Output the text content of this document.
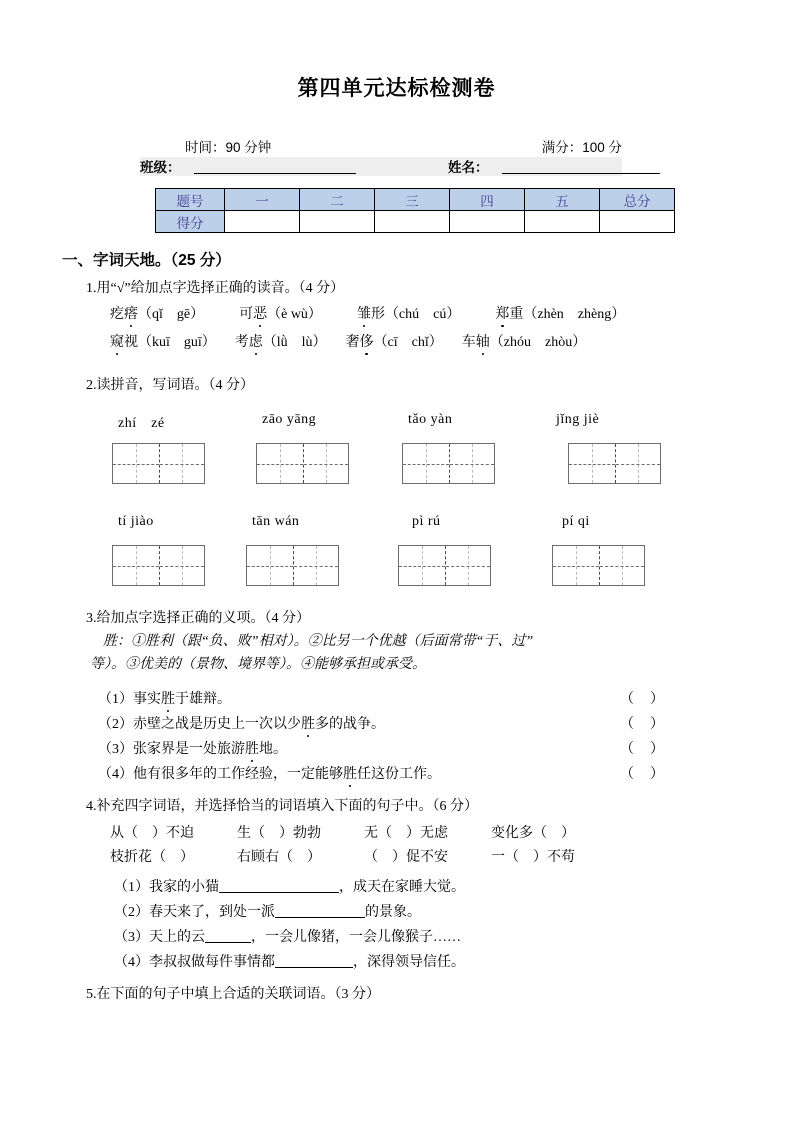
第四单元达标检测卷
时间：90 分钟	满分：100 分
班级：	姓名：
题号	一	二	三	四	五	总分
得分						
一、字词天地。（25 分）
1.用“√”给加点字选择正确的读音。（4 分）
疙瘩（qǐ　gē）	可恶（è wù）	雏形（chú　cú）	郑重（zhèn　zhèng）
窥视（kuī　guī） 考虑（lǜ　lù） 奢侈（cī　chǐ） 车轴（zhóu　zhòu）
2.读拼音，写词语。（4 分）
zhí　zé	zāo yāng	tǎo yàn	jǐng jiè
tí jiào	tān wán	pì rú	pí qi
3.给加点字选择正确的义项。（4 分）
胜：①胜利（跟“负、败”相对）。②比另一个优越（后面常带“于、过”
等）。③优美的（景物、境界等）。④能够承担或承受。
（1）事实胜于雄辩。	（　）
（2）赤壁之战是历史上一次以少胜多的战争。	（　）
（3）张家界是一处旅游胜地。	（　）
（4）他有很多年的工作经验，一定能够胜任这份工作。	（　）
4.补充四字词语，并选择恰当的词语填入下面的句子中。（6 分）
从（　）不迫	生（　）勃勃	无（　）无虑	变化多（　）
枝折花（　）	右顾右（　）	（　）促不安	一（　）不苟
（1）我家的小猫	，成天在家睡大觉。
（2）春天来了，到处一派	的景象。
（3）天上的云	，一会儿像猪，一会儿像猴子……
（4）李叔叔做每件事情都	，深得领导信任。
5.在下面的句子中填上合适的关联词语。（3 分）
